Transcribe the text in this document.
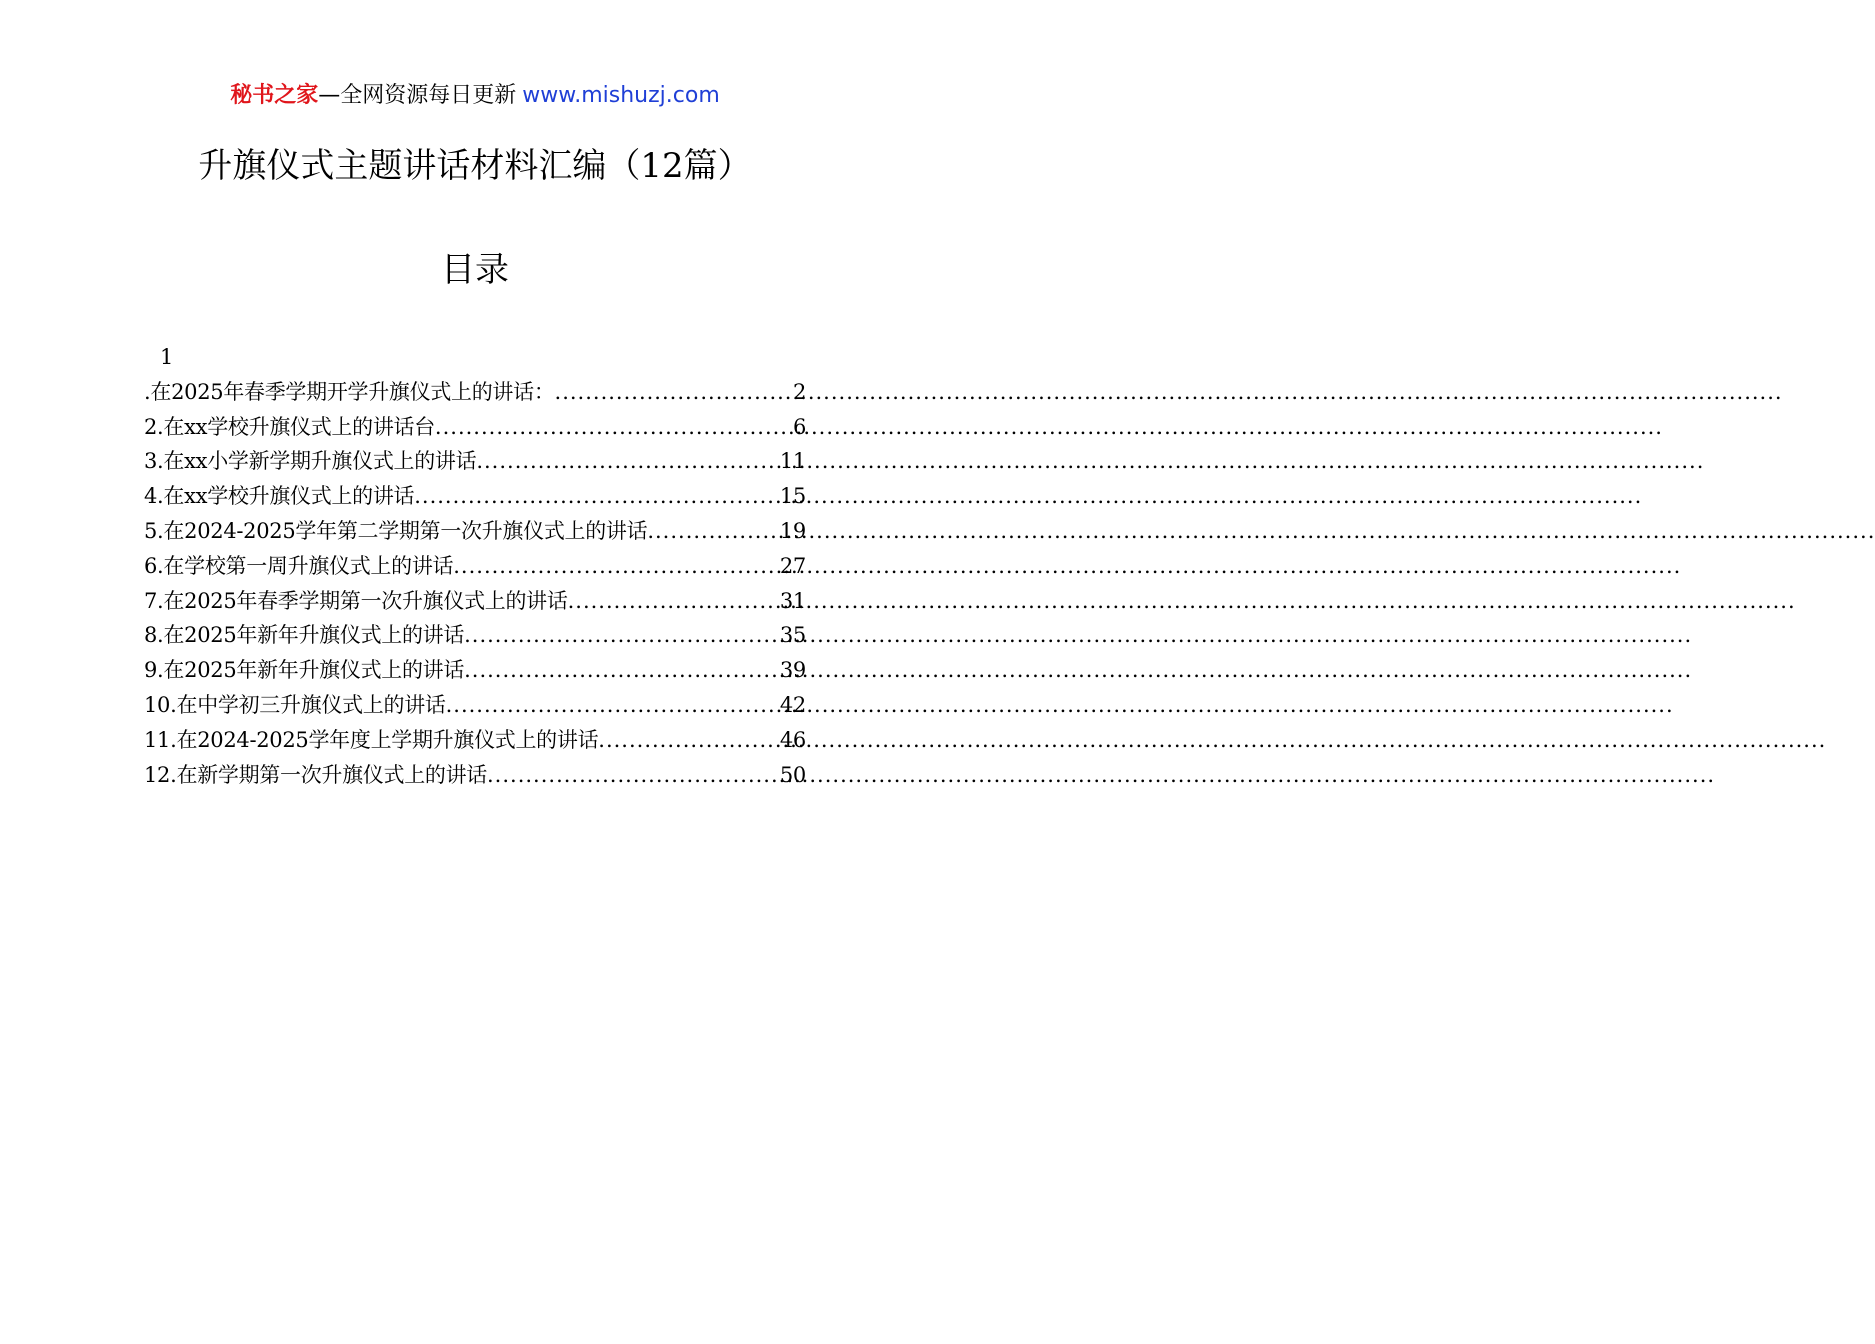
秘书之家—全网资源每日更新 www.mishuzj.com
升旗仪式主题讲话材料汇编（12篇）
目录
1
.在2025年春季学期开学升旗仪式上的讲话： .....	2
2.在xx学校升旗仪式上的讲话台 .....	6
3.在xx小学新学期升旗仪式上的讲话 .....	11
4.在xx学校升旗仪式上的讲话 .....	15
5.在2024-2025学年第二学期第一次升旗仪式上的讲话 .....	19
6.在学校第一周升旗仪式上的讲话 .....	27
7.在2025年春季学期第一次升旗仪式上的讲话 .....	31
8.在2025年新年升旗仪式上的讲话 .....	35
9.在2025年新年升旗仪式上的讲话 .....	39
10.在中学初三升旗仪式上的讲话 .....	42
11.在2024-2025学年度上学期升旗仪式上的讲话 .....	46
12.在新学期第一次升旗仪式上的讲话 .....	50
